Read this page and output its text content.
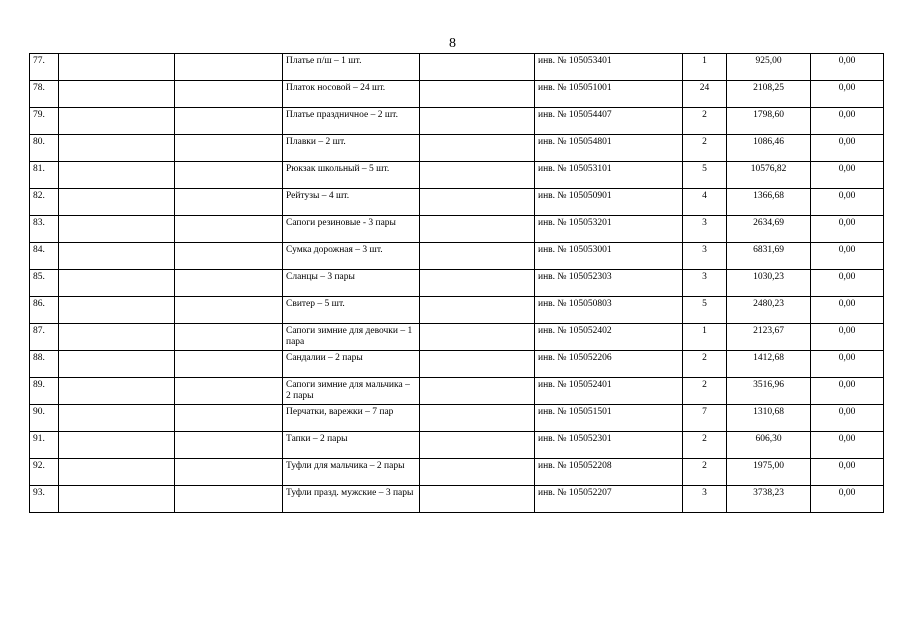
8
77.			Платье п/ш – 1 шт.		инв. № 105053401	1	925,00	0,00
78.			Платок носовой – 24 шт.		инв. № 105051001	24	2108,25	0,00
79.			Платье праздничное – 2 шт.		инв. № 105054407	2	1798,60	0,00
80.			Плавки – 2 шт.		инв. № 105054801	2	1086,46	0,00
81.			Рюкзак школьный – 5 шт.		инв. № 105053101	5	10576,82	0,00
82.			Рейтузы – 4 шт.		инв. № 105050901	4	1366,68	0,00
83.			Сапоги резиновые - 3 пары		инв. № 105053201	3	2634,69	0,00
84.			Сумка дорожная – 3 шт.		инв. № 105053001	3	6831,69	0,00
85.			Сланцы – 3 пары		инв. № 105052303	3	1030,23	0,00
86.			Свитер – 5 шт.		инв. № 105050803	5	2480,23	0,00
87.			Сапоги зимние для девочки – 1 пара		инв. № 105052402	1	2123,67	0,00
88.			Сандалии – 2 пары		инв. № 105052206	2	1412,68	0,00
89.			Сапоги зимние для мальчика – 2 пары		инв. № 105052401	2	3516,96	0,00
90.			Перчатки, варежки – 7 пар		инв. № 105051501	7	1310,68	0,00
91.			Тапки – 2 пары		инв. № 105052301	2	606,30	0,00
92.			Туфли для мальчика – 2 пары		инв. № 105052208	2	1975,00	0,00
93.			Туфли празд. мужские – 3 пары		инв. № 105052207	3	3738,23	0,00
